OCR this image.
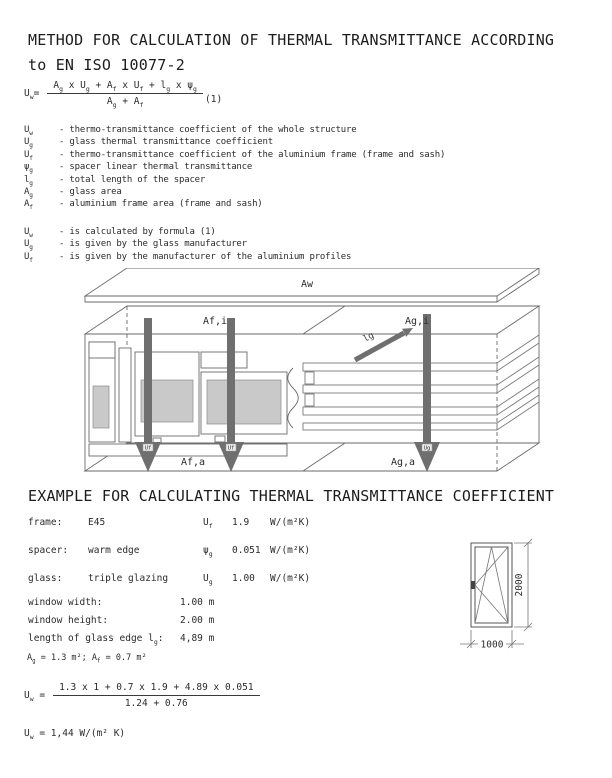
METHOD FOR CALCULATION OF THERMAL TRANSMITTANCE ACCORDING
to EN ISO 10077-2
$U_w= \frac{A_g x U_g + A_f x U_f + l_g x \psi_g}{A_g + A_f} (1)$
$U_w$	- thermo-transmittance coefficient of the whole structure
$U_g$	- glass thermal transmittance coefficient
$U_f$	- thermo-transmittance coefficient of the aluminium frame (frame and sash)
$\psi_g$	- spacer linear thermal transmittance
$l_g$	- total length of the spacer
$A_g$	- glass area
$A_f$	- aluminium frame area (frame and sash)
$U_w$	- is calculated by formula (1)
$U_g$	- is given by the glass manufacturer
$U_f$	- is given by the manufacturer of the aluminium profiles
Uf	Uf	Ug
lg
Aw
Af,i	Ag,i
Af,a	Ag,a
EXAMPLE FOR CALCULATING THERMAL TRANSMITTANCE COEFFICIENT
frame:	E45	$U_f$ 1.9 W/(m²K)
spacer: warm edge	$\psi_g$ 0.051 W/(m²K)
glass:	triple glazing	$U_g$ 1.00 W/(m²K)
window width:	1.00 m
window height:	2.00 m
length of glass edge $l_g$: 4,89 m
$A_g = 1.3$ m²; $A_f = 0.7$ m²
$U_w = \frac{1.3 x 1 + 0.7 x 1.9 + 4.89 x 0.051}{1.24 + 0.76}$
$U_w = 1,44$ W/(m² K)
2000
1000
